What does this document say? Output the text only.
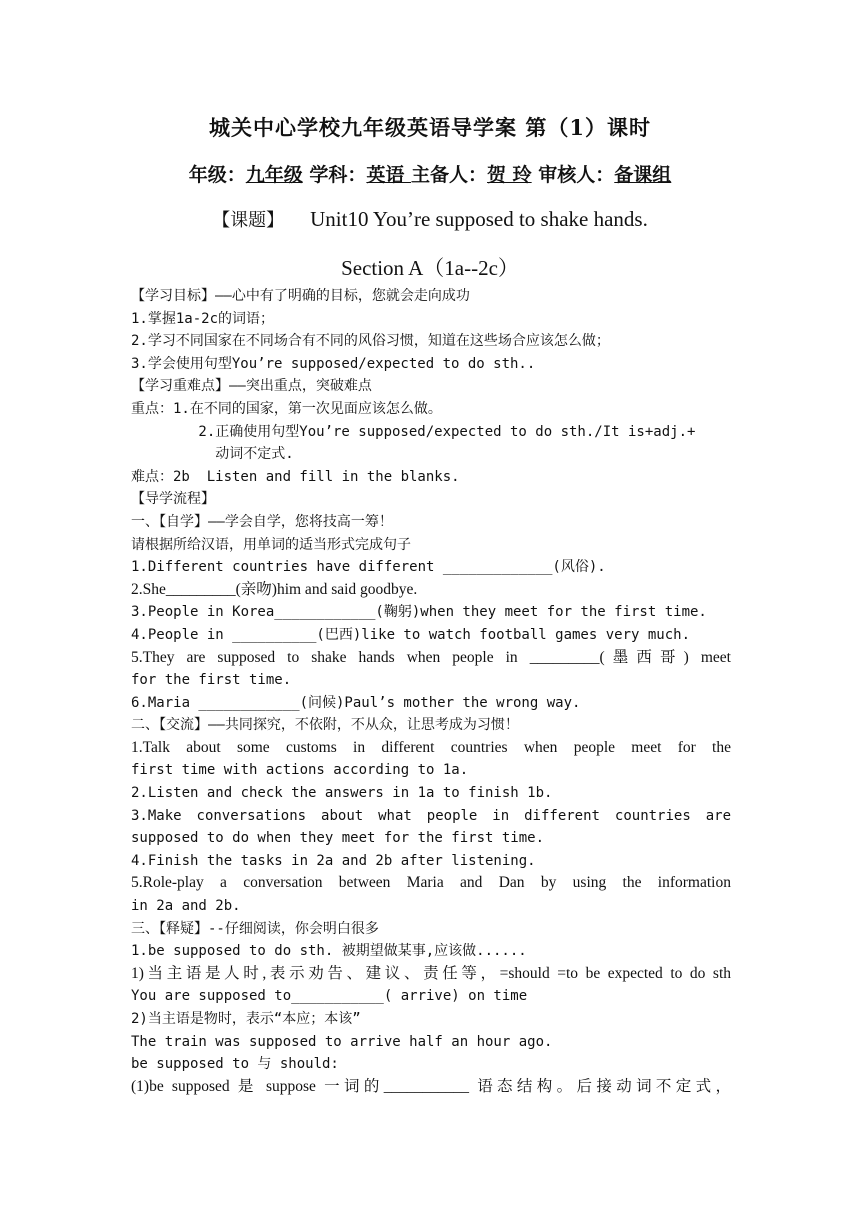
城关中心学校九年级英语导学案 第（1）课时
年级：九年级 学科：英语 主备人：贺 玲 审核人：备课组
【课题】 Unit10 You’re supposed to shake hands.
Section A（1a--2c）
【学习目标】——心中有了明确的目标，您就会走向成功
1.掌握1a-2c的词语；
2.学习不同国家在不同场合有不同的风俗习惯，知道在这些场合应该怎么做；
3.学会使用句型You’re supposed/expected to do sth..
【学习重难点】——突出重点，突破难点
重点：1.在不同的国家，第一次见面应该怎么做。
2.正确使用句型You’re supposed/expected to do sth./It is+adj.+
动词不定式.
难点：2b  Listen and fill in the blanks.
【导学流程】
一、【自学】——学会自学，您将技高一筹！
请根据所给汉语，用单词的适当形式完成句子
1.Different countries have different _____________(风俗).
2.She_________(亲吻)him and said goodbye.
3.People in Korea____________(鞠躬)when they meet for the first time.
4.People in __________(巴西)like to watch football games very much.
5.They are supposed to shake hands when people in _________(墨西哥) meet
for the first time.
6.Maria ____________(问候)Paul’s mother the wrong way.
二、【交流】——共同探究，不依附，不从众，让思考成为习惯！
1.Talk about some customs in different countries when people meet for the
first time with actions according to 1a.
2.Listen and check the answers in 1a to finish 1b.
3.Make conversations about what people in different countries are
supposed to do when they meet for the first time.
4.Finish the tasks in 2a and 2b after listening.
5.Role-play a conversation between Maria and Dan by using the information
in 2a and 2b.
三、【释疑】--仔细阅读，你会明白很多
1.be supposed to do sth. 被期望做某事,应该做......
1)当主语是人时,表示劝告、建议、责任等，=should =to be expected to do sth
You are supposed to___________( arrive) on time
2)当主语是物时，表示“本应；本该”
The train was supposed to arrive half an hour ago.
be supposed to 与 should:
(1)be supposed 是 suppose 一词的___________ 语态结构。后接动词不定式，
